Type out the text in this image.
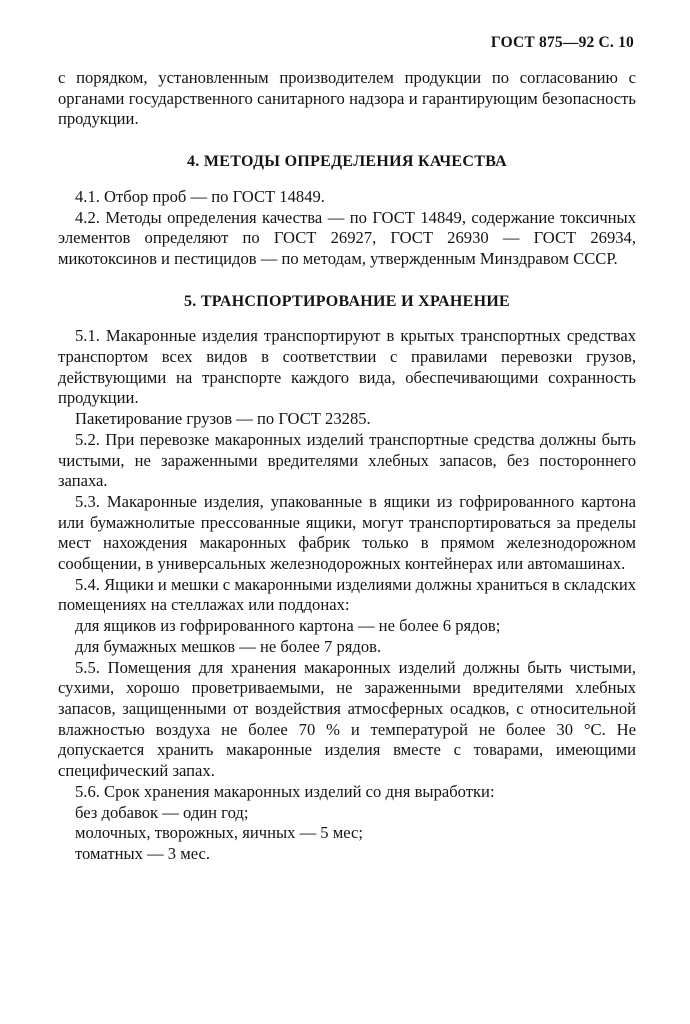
ГОСТ 875—92 С. 10

с порядком, установленным производителем продукции по согласованию с органами государственного санитарного надзора и гарантирующим безопасность продукции.

4. МЕТОДЫ ОПРЕДЕЛЕНИЯ КАЧЕСТВА

4.1. Отбор проб — по ГОСТ 14849.

4.2. Методы определения качества — по ГОСТ 14849, содержание токсичных элементов определяют по ГОСТ 26927, ГОСТ 26930 — ГОСТ 26934, микотоксинов и пестицидов — по методам, утвержденным Минздравом СССР.

5. ТРАНСПОРТИРОВАНИЕ И ХРАНЕНИЕ

5.1. Макаронные изделия транспортируют в крытых транспортных средствах транспортом всех видов в соответствии с правилами перевозки грузов, действующими на транспорте каждого вида, обеспечивающими сохранность продукции.

Пакетирование грузов — по ГОСТ 23285.

5.2. При перевозке макаронных изделий транспортные средства должны быть чистыми, не зараженными вредителями хлебных запасов, без постороннего запаха.

5.3. Макаронные изделия, упакованные в ящики из гофрированного картона или бумажнолитые прессованные ящики, могут транспортироваться за пределы мест нахождения макаронных фабрик только в прямом железнодорожном сообщении, в универсальных железнодорожных контейнерах или автомашинах.

5.4. Ящики и мешки с макаронными изделиями должны храниться в складских помещениях на стеллажах или поддонах:

для ящиков из гофрированного картона — не более 6 рядов;

для бумажных мешков — не более 7 рядов.

5.5. Помещения для хранения макаронных изделий должны быть чистыми, сухими, хорошо проветриваемыми, не зараженными вредителями хлебных запасов, защищенными от воздействия атмосферных осадков, с относительной влажностью воздуха не более 70 % и температурой не более 30 °С. Не допускается хранить макаронные изделия вместе с товарами, имеющими специфический запах.

5.6. Срок хранения макаронных изделий со дня выработки:

без добавок — один год;

молочных, творожных, яичных — 5 мес;

томатных — 3 мес.
